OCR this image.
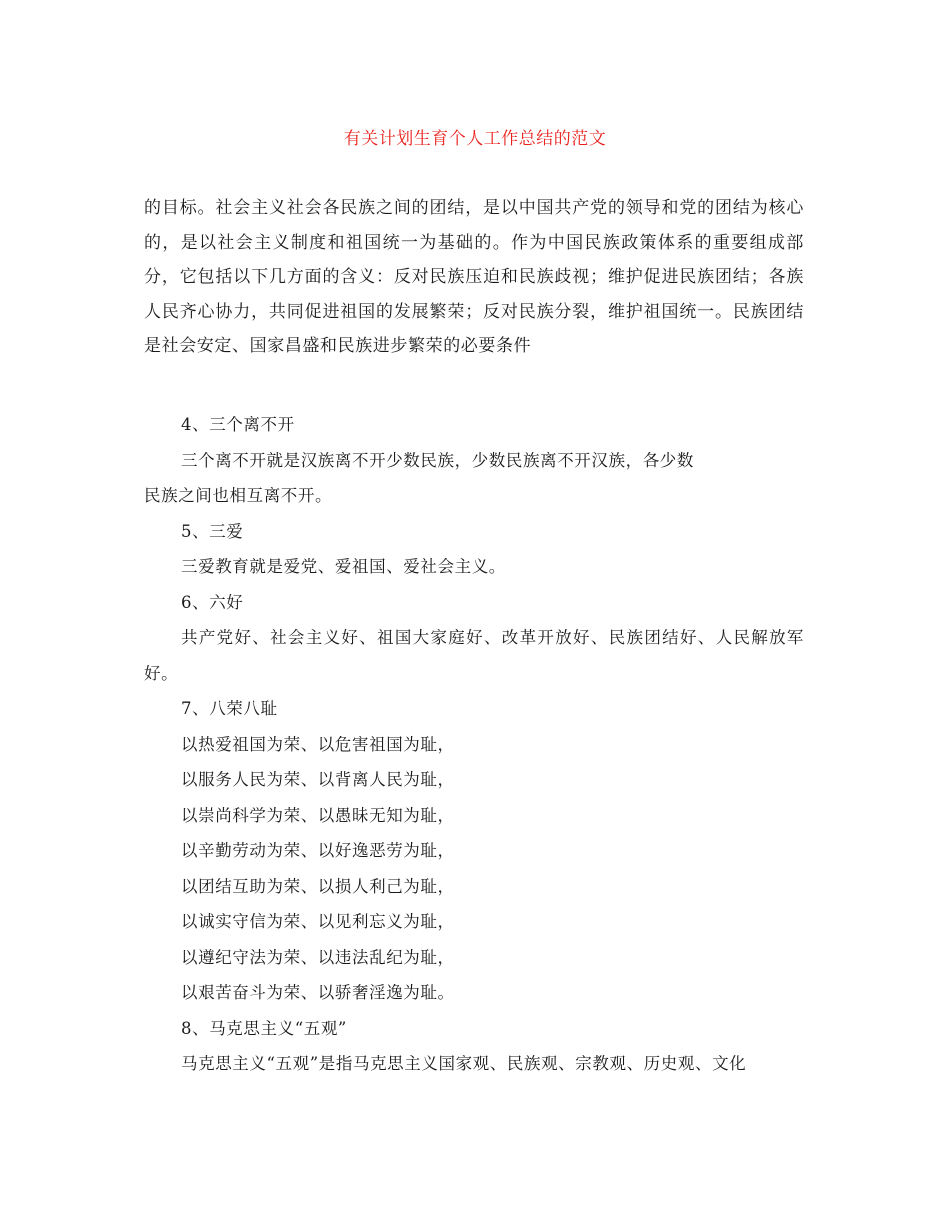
有关计划生育个人工作总结的范文

的目标。社会主义社会各民族之间的团结，是以中国共产党的领导和党的团结为核心的，是以社会主义制度和祖国统一为基础的。作为中国民族政策体系的重要组成部分，它包括以下几方面的含义：反对民族压迫和民族歧视；维护促进民族团结；各族人民齐心协力，共同促进祖国的发展繁荣；反对民族分裂，维护祖国统一。民族团结是社会安定、国家昌盛和民族进步繁荣的必要条件

4、三个离不开
三个离不开就是汉族离不开少数民族，少数民族离不开汉族，各少数
民族之间也相互离不开。
5、三爱
三爱教育就是爱党、爱祖国、爱社会主义。
6、六好
共产党好、社会主义好、祖国大家庭好、改革开放好、民族团结好、人民解放军好。
7、八荣八耻
以热爱祖国为荣、以危害祖国为耻，
以服务人民为荣、以背离人民为耻，
以崇尚科学为荣、以愚昧无知为耻，
以辛勤劳动为荣、以好逸恶劳为耻，
以团结互助为荣、以损人利己为耻，
以诚实守信为荣、以见利忘义为耻，
以遵纪守法为荣、以违法乱纪为耻，
以艰苦奋斗为荣、以骄奢淫逸为耻。
8、马克思主义“五观”
马克思主义“五观”是指马克思主义国家观、民族观、宗教观、历史观、文化
